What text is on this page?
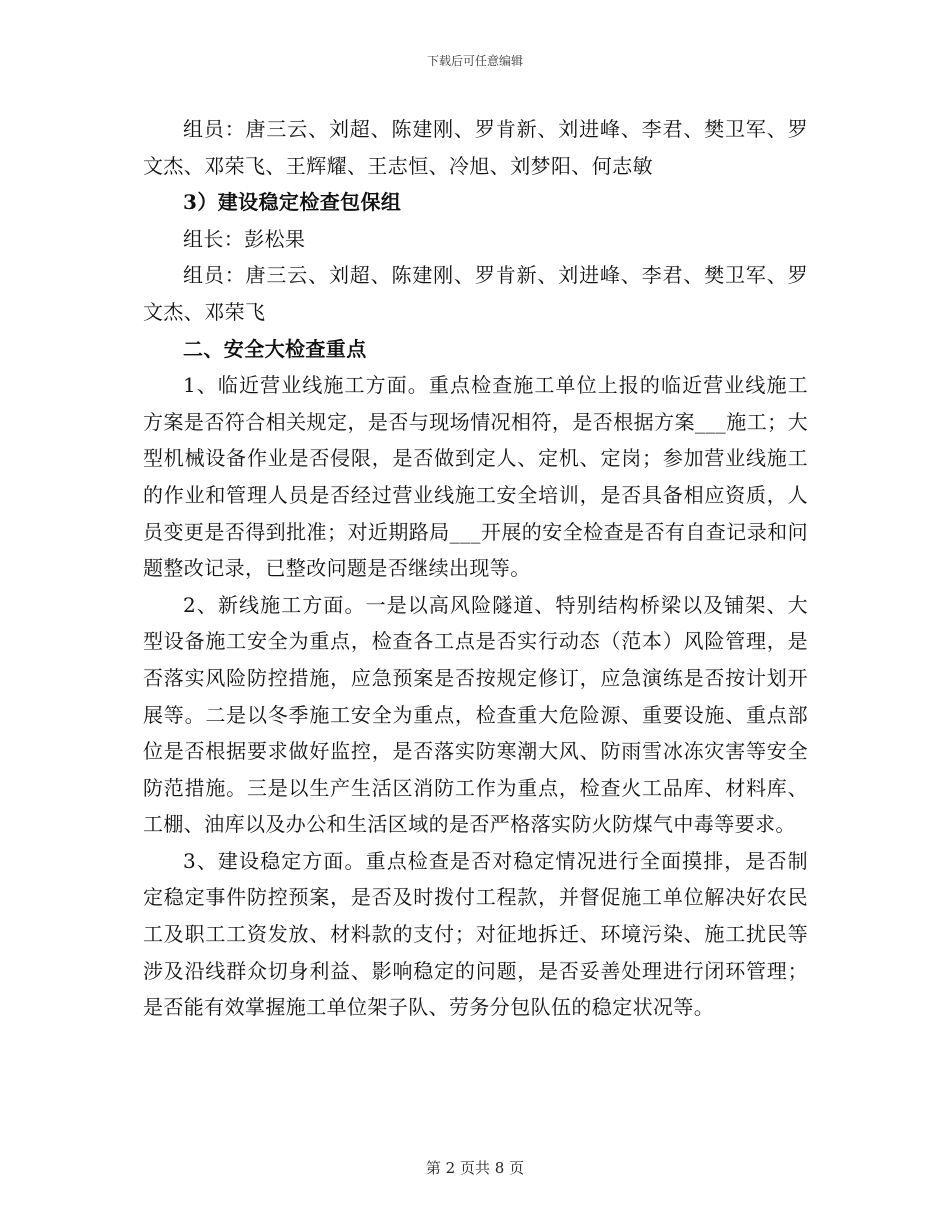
下载后可任意编辑

组员：唐三云、刘超、陈建刚、罗肯新、刘进峰、李君、樊卫军、罗文杰、邓荣飞、王辉耀、王志恒、冷旭、刘梦阳、何志敏

3）建设稳定检查包保组

组长：彭松果

组员：唐三云、刘超、陈建刚、罗肯新、刘进峰、李君、樊卫军、罗文杰、邓荣飞

二、安全大检查重点

1、临近营业线施工方面。重点检查施工单位上报的临近营业线施工方案是否符合相关规定，是否与现场情况相符，是否根据方案___施工；大型机械设备作业是否侵限，是否做到定人、定机、定岗；参加营业线施工的作业和管理人员是否经过营业线施工安全培训，是否具备相应资质，人员变更是否得到批准；对近期路局___开展的安全检查是否有自查记录和问题整改记录，已整改问题是否继续出现等。

2、新线施工方面。一是以高风险隧道、特别结构桥梁以及铺架、大型设备施工安全为重点，检查各工点是否实行动态（范本）风险管理，是否落实风险防控措施，应急预案是否按规定修订，应急演练是否按计划开展等。二是以冬季施工安全为重点，检查重大危险源、重要设施、重点部位是否根据要求做好监控，是否落实防寒潮大风、防雨雪冰冻灾害等安全防范措施。三是以生产生活区消防工作为重点，检查火工品库、材料库、工棚、油库以及办公和生活区域的是否严格落实防火防煤气中毒等要求。

3、建设稳定方面。重点检查是否对稳定情况进行全面摸排，是否制定稳定事件防控预案，是否及时拨付工程款，并督促施工单位解决好农民工及职工工资发放、材料款的支付；对征地拆迁、环境污染、施工扰民等涉及沿线群众切身利益、影响稳定的问题，是否妥善处理进行闭环管理；是否能有效掌握施工单位架子队、劳务分包队伍的稳定状况等。

第 2 页共 8 页
